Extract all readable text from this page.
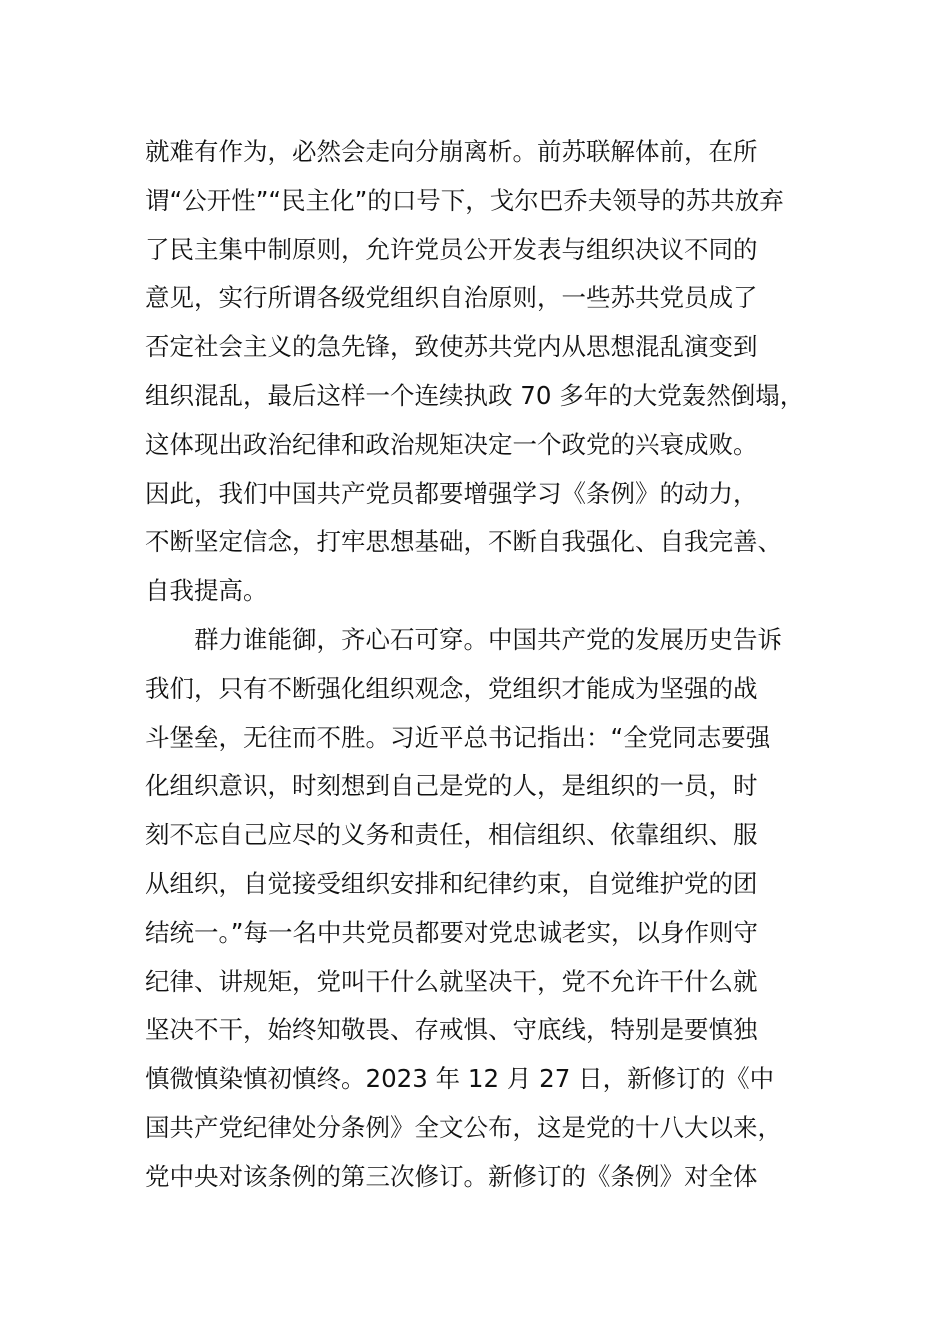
就难有作为，必然会走向分崩离析。前苏联解体前，在所
谓“公开性”“民主化”的口号下，戈尔巴乔夫领导的苏共放弃
了民主集中制原则，允许党员公开发表与组织决议不同的
意见，实行所谓各级党组织自治原则，一些苏共党员成了
否定社会主义的急先锋，致使苏共党内从思想混乱演变到
组织混乱，最后这样一个连续执政 70 多年的大党轰然倒塌，
这体现出政治纪律和政治规矩决定一个政党的兴衰成败。
因此，我们中国共产党员都要增强学习《条例》的动力，
不断坚定信念，打牢思想基础，不断自我强化、自我完善、
自我提高。
　　群力谁能御，齐心石可穿。中国共产党的发展历史告诉
我们，只有不断强化组织观念，党组织才能成为坚强的战
斗堡垒，无往而不胜。习近平总书记指出：“全党同志要强
化组织意识，时刻想到自己是党的人，是组织的一员，时
刻不忘自己应尽的义务和责任，相信组织、依靠组织、服
从组织，自觉接受组织安排和纪律约束，自觉维护党的团
结统一。”每一名中共党员都要对党忠诚老实，以身作则守
纪律、讲规矩，党叫干什么就坚决干，党不允许干什么就
坚决不干，始终知敬畏、存戒惧、守底线，特别是要慎独
慎微慎染慎初慎终。2023 年 12 月 27 日，新修订的《中
国共产党纪律处分条例》全文公布，这是党的十八大以来，
党中央对该条例的第三次修订。新修订的《条例》对全体
